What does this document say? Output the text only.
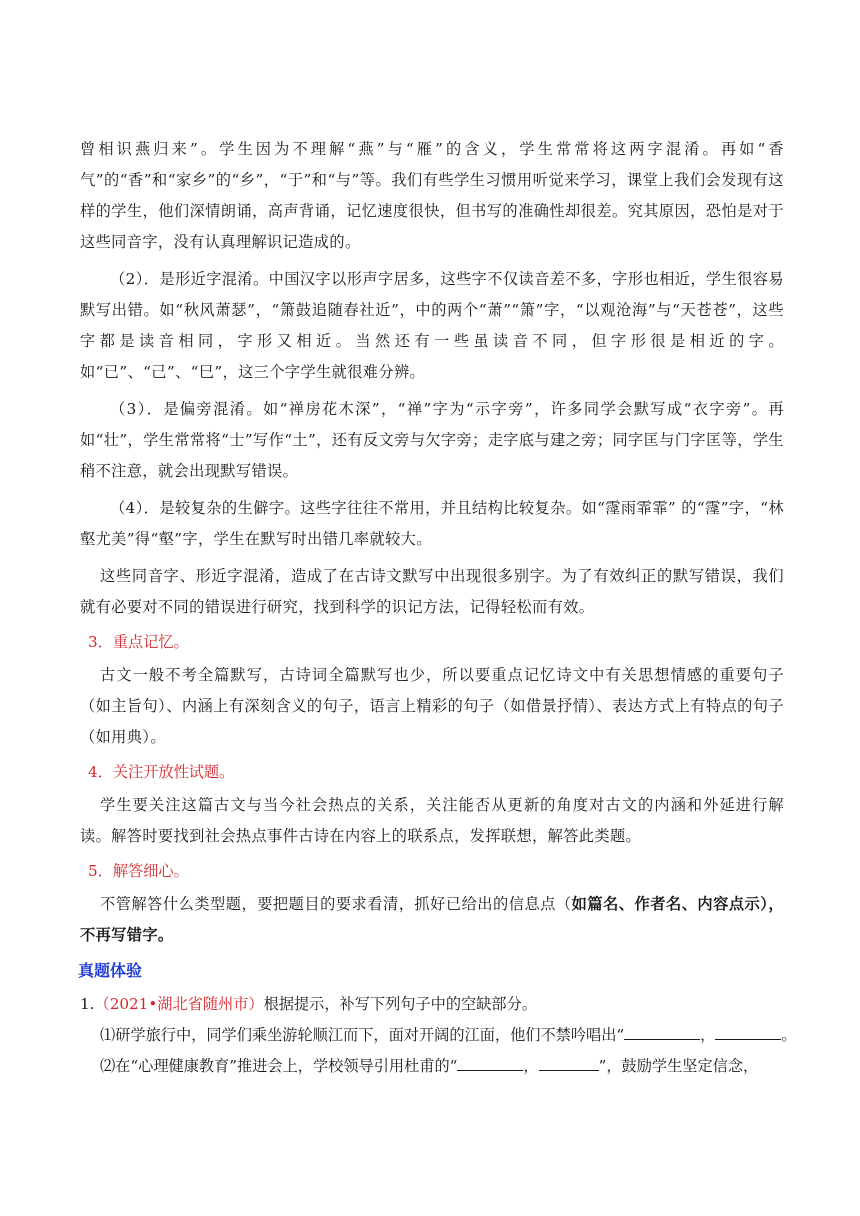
曾相识燕归来”。学生因为不理解“燕”与“雁”的含义，学生常常将这两字混淆。再如“香气”的“香”和“家乡”的“乡”，“于”和“与”等。我们有些学生习惯用听觉来学习，课堂上我们会发现有这样的学生，他们深情朗诵，高声背诵，记忆速度很快，但书写的准确性却很差。究其原因，恐怕是对于这些同音字，没有认真理解识记造成的。

（2）．是形近字混淆。中国汉字以形声字居多，这些字不仅读音差不多，字形也相近，学生很容易默写出错。如“秋风萧瑟”，“箫鼓追随春社近”，中的两个“萧”“箫”字，“以观沧海”与“天苍苍”，这些字都是读音相同，字形又相近。当然还有一些虽读音不同，但字形很是相近的字。如“已”、“己”、“巳”，这三个字学生就很难分辨。

（3）．是偏旁混淆。如“禅房花木深”，“禅”字为“示字旁”，许多同学会默写成“衣字旁”。再如“壮”，学生常常将“士”写作“土”，还有反文旁与欠字旁；走字底与建之旁；同字匡与门字匡等，学生稍不注意，就会出现默写错误。

（4）．是较复杂的生僻字。这些字往往不常用，并且结构比较复杂。如“霪雨霏霏” 的“霪”字，“林壑尤美”得“壑”字，学生在默写时出错几率就较大。

这些同音字、形近字混淆，造成了在古诗文默写中出现很多别字。为了有效纠正的默写错误，我们就有必要对不同的错误进行研究，找到科学的识记方法，记得轻松而有效。

3．重点记忆。

古文一般不考全篇默写，古诗词全篇默写也少，所以要重点记忆诗文中有关思想情感的重要句子（如主旨句）、内涵上有深刻含义的句子，语言上精彩的句子（如借景抒情）、表达方式上有特点的句子（如用典）。

4．关注开放性试题。

学生要关注这篇古文与当今社会热点的关系，关注能否从更新的角度对古文的内涵和外延进行解读。解答时要找到社会热点事件古诗在内容上的联系点，发挥联想，解答此类题。

5．解答细心。

不管解答什么类型题，要把题目的要求看清，抓好已给出的信息点（如篇名、作者名、内容点示），不再写错字。

真题体验
1.（2021•湖北省随州市）根据提示，补写下列句子中的空缺部分。
⑴研学旅行中，同学们乘坐游轮顺江而下，面对开阔的江面，他们不禁吟唱出“	，	。
⑵在“心理健康教育”推进会上，学校领导引用杜甫的“	，	”，鼓励学生坚定信念，
